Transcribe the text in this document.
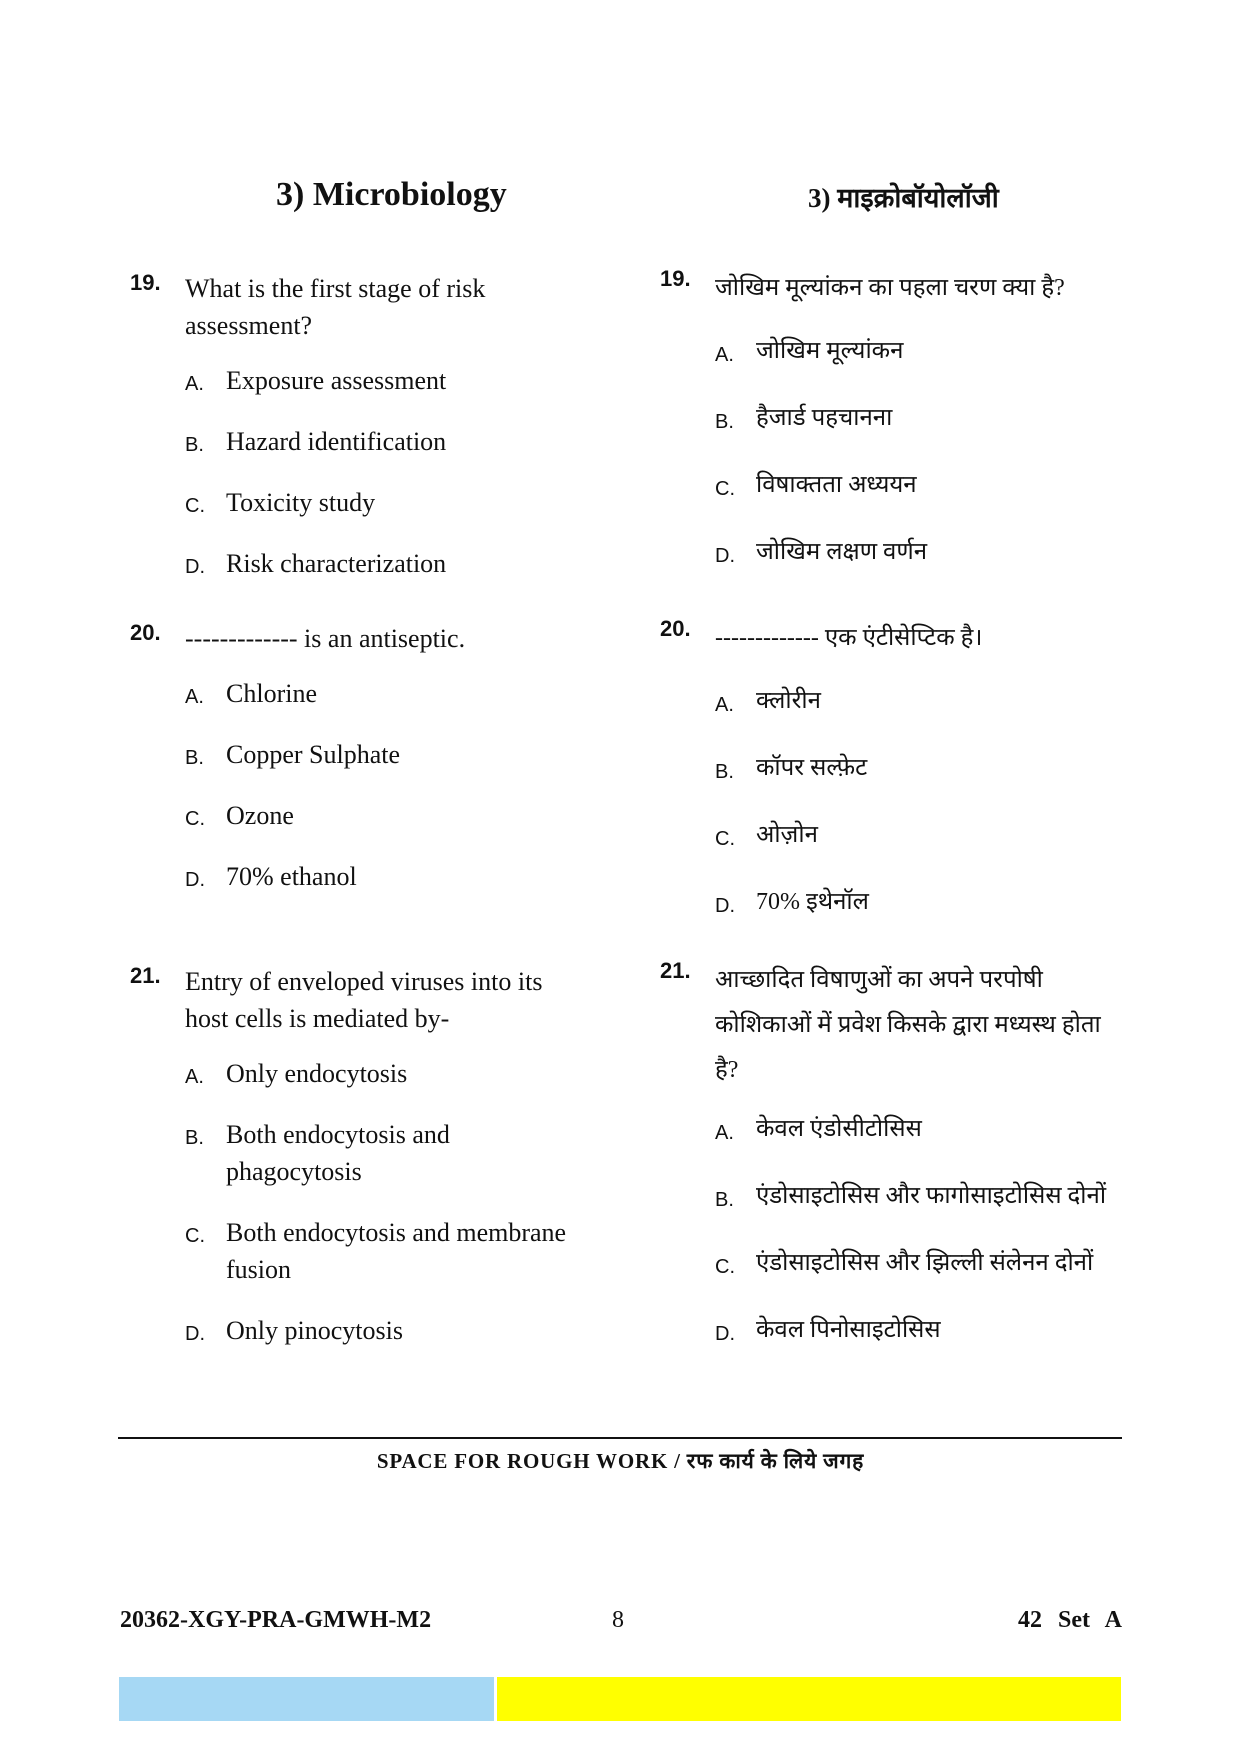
3) Microbiology	3) माइक्रोबॉयोलॉजी
19. What is the first stage of risk assessment?
A. Exposure assessment
B. Hazard identification
C. Toxicity study
D. Risk characterization
20. ------------- is an antiseptic.
A. Chlorine
B. Copper Sulphate
C. Ozone
D. 70% ethanol
21. Entry of enveloped viruses into its host cells is mediated by-
A. Only endocytosis
B. Both endocytosis and phagocytosis
C. Both endocytosis and membrane fusion
D. Only pinocytosis
19. जोखिम मूल्यांकन का पहला चरण क्या है?
A. जोखिम मूल्यांकन
B. हैजार्ड पहचानना
C. विषाक्तता अध्ययन
D. जोखिम लक्षण वर्णन
20. ------------- एक एंटीसेप्टिक है।
A. क्लोरीन
B. कॉपर सल्फ़ेट
C. ओज़ोन
D. 70% इथेनॉल
21. आच्छादित विषाणुओं का अपने परपोषी कोशिकाओं में प्रवेश किसके द्वारा मध्यस्थ होता है?
A. केवल एंडोसीटोसिस
B. एंडोसाइटोसिस और फागोसाइटोसिस दोनों
C. एंडोसाइटोसिस और झिल्ली संलेनन दोनों
D. केवल पिनोसाइटोसिस
SPACE FOR ROUGH WORK / रफ कार्य के लिये जगह
20362-XGY-PRA-GMWH-M2	8	42 Set A
